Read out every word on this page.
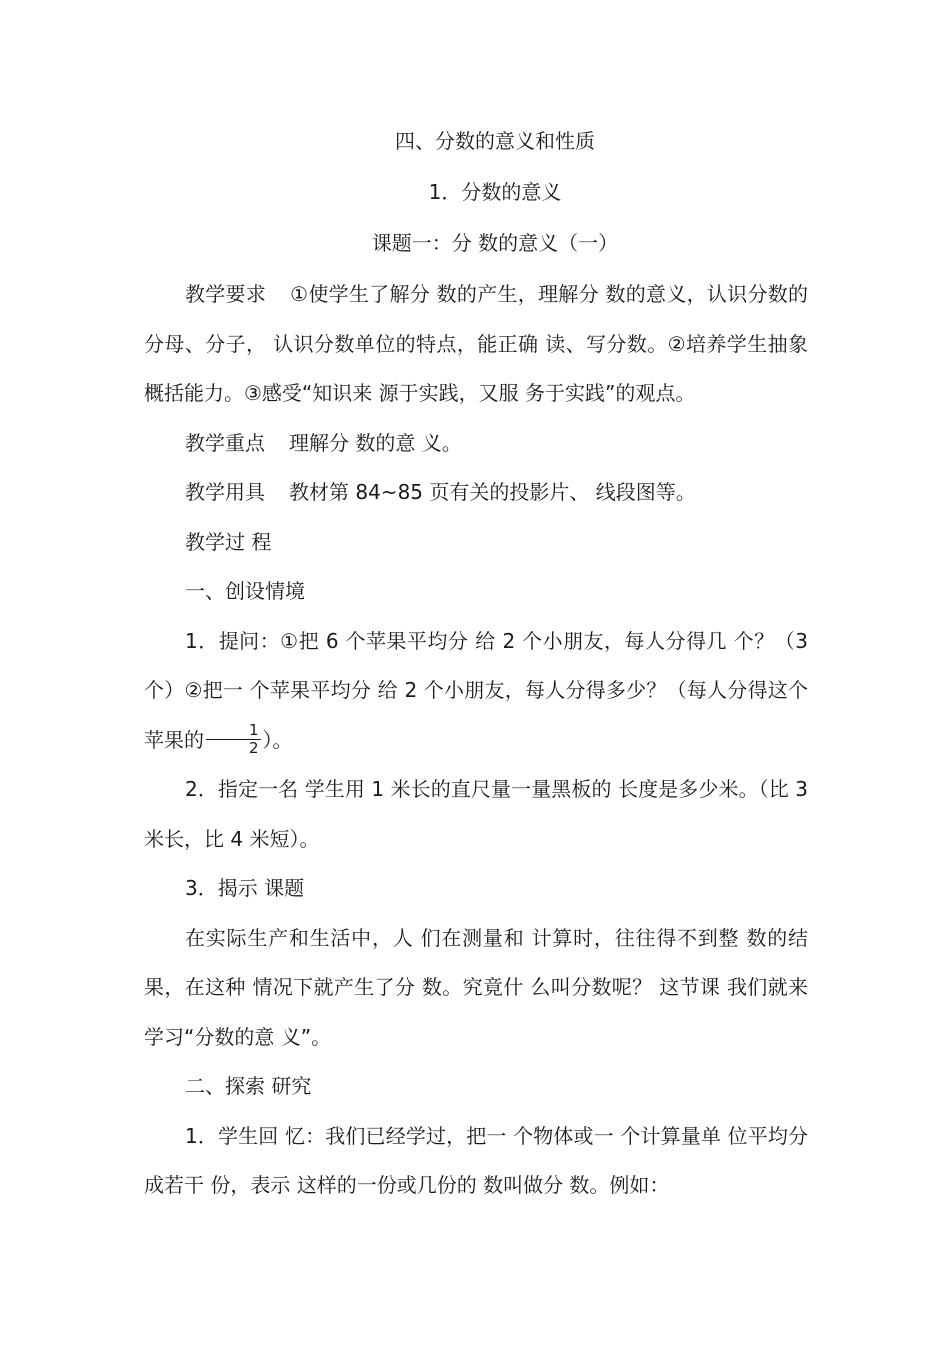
四、分数的意义和性质
1．分数的意义
课题一：分 数的意义（一）

教学要求 ①使学生了解分 数的产生，理解分 数的意义，认识分数的分母、分子， 认识分数单位的特点，能正确 读、写分数。②培养学生抽象 概括能力。③感受“知识来 源于实践，又服 务于实践”的观点。

教学重点 理解分 数的意 义。

教学用具 教材第 84~85 页有关的投影片、 线段图等。

教学过 程

一、创设情境

1．提问：①把 6 个苹果平均分 给 2 个小朋友，每人分得几 个？（3 个）②把一 个苹果平均分 给 2 个小朋友，每人分得多少？（每人分得这个 苹果的 $\frac{1}{2}$ ）。

2．指定一名 学生用 1 米长的直尺量一量黑板的 长度是多少米。（比 3 米长，比 4 米短）。

3．揭示 课题

在实际生产和生活中，人 们在测量和 计算时，往往得不到整 数的结果，在这种 情况下就产生了分 数。究竟什 么叫分数呢？ 这节课 我们就来学习“分数的意 义”。

二、探索 研究

1．学生回 忆：我们已经学过，把一 个物体或一 个计算量单 位平均分成若干 份，表示 这样的一份或几份的 数叫做分 数。例如：
